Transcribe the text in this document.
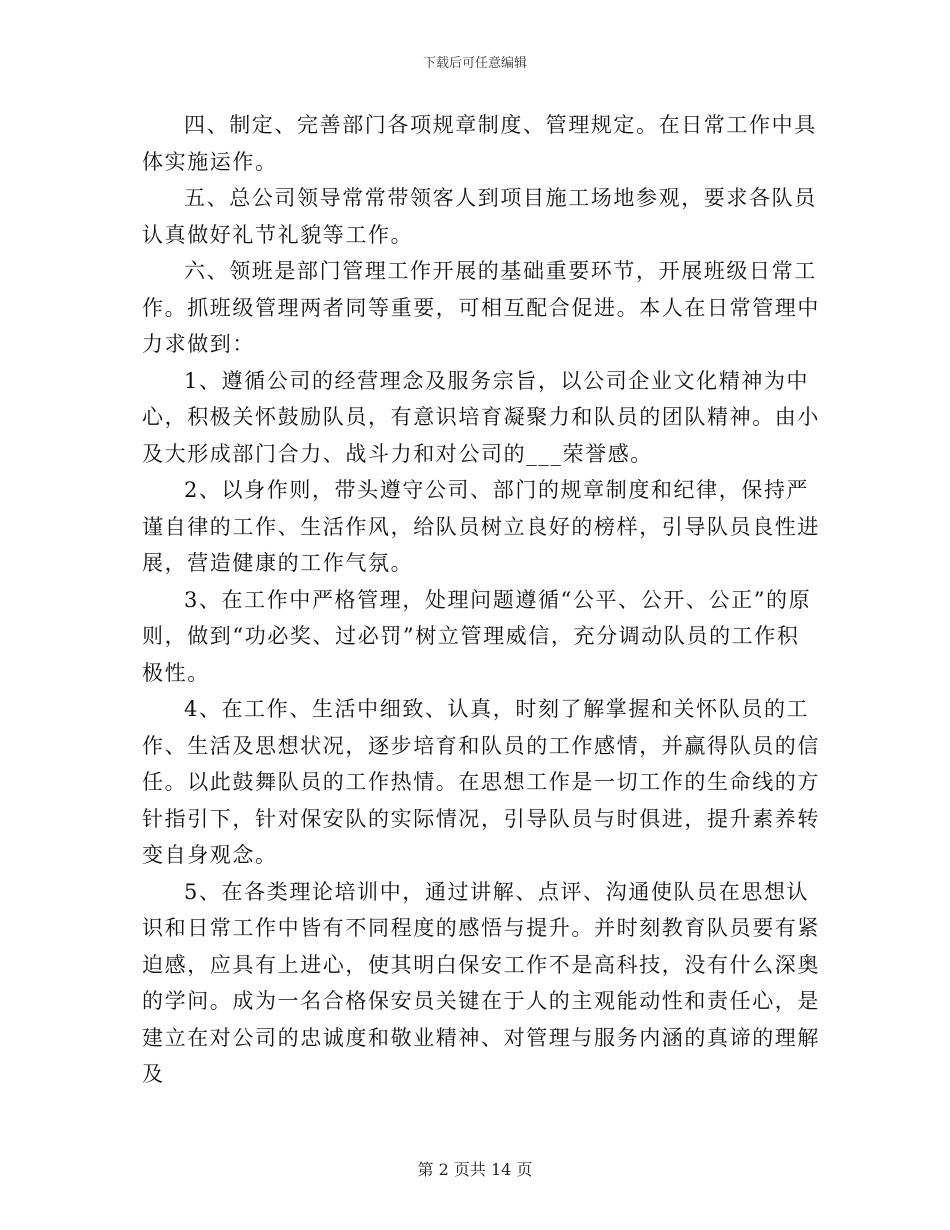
下载后可任意编辑

四、制定、完善部门各项规章制度、管理规定。在日常工作中具体实施运作。

五、总公司领导常常带领客人到项目施工场地参观，要求各队员认真做好礼节礼貌等工作。

六、领班是部门管理工作开展的基础重要环节，开展班级日常工作。抓班级管理两者同等重要，可相互配合促进。本人在日常管理中力求做到：

1、遵循公司的经营理念及服务宗旨，以公司企业文化精神为中心，积极关怀鼓励队员，有意识培育凝聚力和队员的团队精神。由小及大形成部门合力、战斗力和对公司的___荣誉感。

2、以身作则，带头遵守公司、部门的规章制度和纪律，保持严谨自律的工作、生活作风，给队员树立良好的榜样，引导队员良性进展，营造健康的工作气氛。

3、在工作中严格管理，处理问题遵循“公平、公开、公正”的原则，做到“功必奖、过必罚”树立管理威信，充分调动队员的工作积极性。

4、在工作、生活中细致、认真，时刻了解掌握和关怀队员的工作、生活及思想状况，逐步培育和队员的工作感情，并赢得队员的信任。以此鼓舞队员的工作热情。在思想工作是一切工作的生命线的方针指引下，针对保安队的实际情况，引导队员与时俱进，提升素养转变自身观念。

5、在各类理论培训中，通过讲解、点评、沟通使队员在思想认识和日常工作中皆有不同程度的感悟与提升。并时刻教育队员要有紧迫感，应具有上进心，使其明白保安工作不是高科技，没有什么深奥的学问。成为一名合格保安员关键在于人的主观能动性和责任心，是建立在对公司的忠诚度和敬业精神、对管理与服务内涵的真谛的理解及

第 2 页共 14 页
